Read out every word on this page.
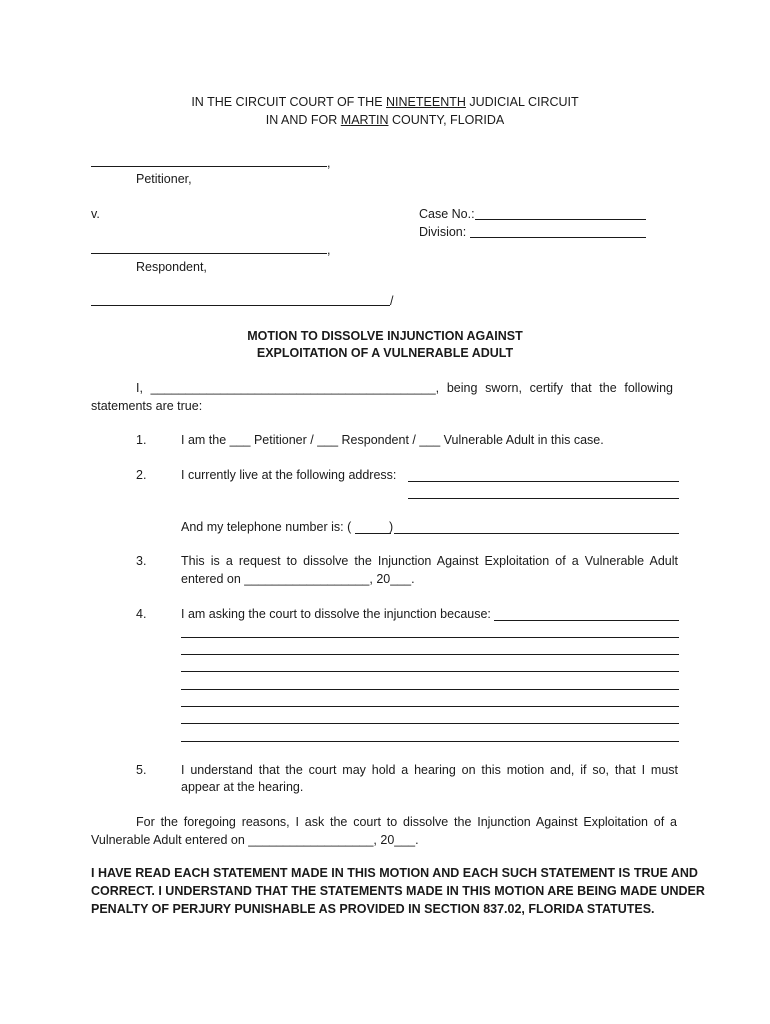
IN THE CIRCUIT COURT OF THE NINETEENTH JUDICIAL CIRCUIT
IN AND FOR MARTIN COUNTY, FLORIDA
,
Petitioner,
v.	Case No.:
Division:
,
Respondent,
/
MOTION TO DISSOLVE INJUNCTION AGAINST
EXPLOITATION OF A VULNERABLE ADULT
I, _________________________________________, being sworn, certify that the following
statements are true:
1.	I am the ___ Petitioner / ___ Respondent / ___ Vulnerable Adult in this case.
2.	I currently live at the following address:
And my telephone number is: (	)
3.	This is a request to dissolve the Injunction Against Exploitation of a Vulnerable Adult
entered on __________________, 20___.
4.	I am asking the court to dissolve the injunction because:
5.	I understand that the court may hold a hearing on this motion and, if so, that I must
appear at the hearing.
For the foregoing reasons, I ask the court to dissolve the Injunction Against Exploitation of a
Vulnerable Adult entered on __________________, 20___.
I HAVE READ EACH STATEMENT MADE IN THIS MOTION AND EACH SUCH STATEMENT IS TRUE AND
CORRECT. I UNDERSTAND THAT THE STATEMENTS MADE IN THIS MOTION ARE BEING MADE UNDER
PENALTY OF PERJURY PUNISHABLE AS PROVIDED IN SECTION 837.02, FLORIDA STATUTES.
